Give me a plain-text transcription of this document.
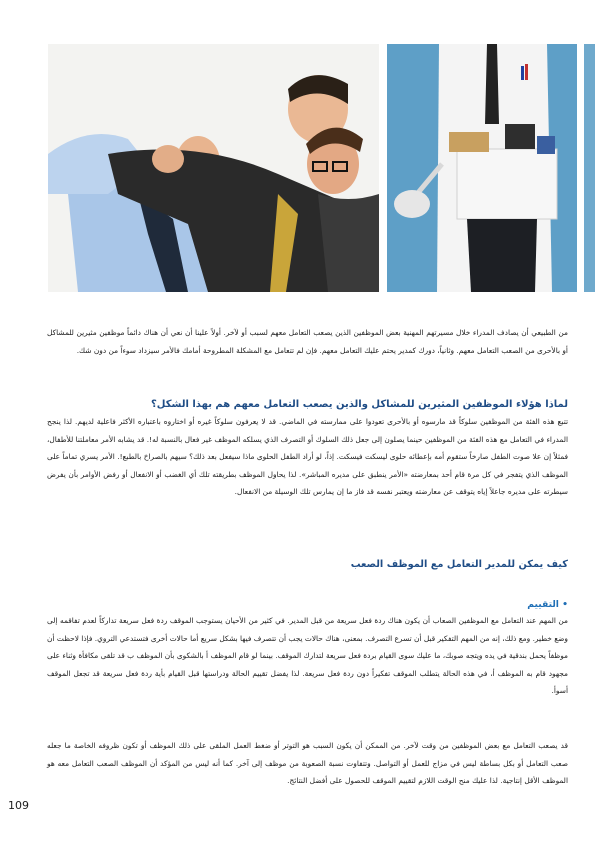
من الطبيعي أن يصادف المدراء خلال مسيرتهم المهنية بعض الموظفين الذين يصعب التعامل معهم لسبب أو لآخر. أولاً علينا أن نعي أن هناك دائماً موظفين مثيرين للمشاكل أو بالأحرى من الصعب التعامل معهم. وثانياً، دورك كمدير يحتم عليك التعامل معهم. فإن لم تتعامل مع المشكلة المطروحة أمامك فالأمر سيزداد سوءاً من دون شك.

لماذا هؤلاء الموظفين المثيرين للمشاكل والذين يصعب التعامل معهم هم بهذا الشكل؟

تتبع هذه الفئة من الموظفين سلوكاً قد مارسوه أو بالأحرى تعودوا على ممارسته في الماضي. قد لا يعرفون سلوكاً غيره أو اختاروه باعتباره الأكثر فاعلية لديهم. لذا ينجح المدراء في التعامل مع هذه الفئة من الموظفين حينما يصلون إلى جعل ذلك السلوك أو التصرف الذي يسلكه الموظف غير فعال بالنسبة له!. قد يشابه الأمر معاملتنا للأطفال، فمثلاً إن علا صوت الطفل صارخاً ستقوم أمه بإعطائه حلوى ليسكت فيسكت. إذاً، لو أراد الطفل الحلوى ماذا سيفعل بعد ذلك؟ سيهم بالصراخ بالطبع!. الأمر يسري تماماً على الموظف الذي يتفجر في كل مرة قام أحد بمعارضته «الأمر ينطبق على مديره المباشر». لذا يحاول الموظف بطريقته تلك أي الغضب أو الانفعال أو رفض الأوامر بأن يفرض سيطرته على مديره جاعلاً إياه يتوقف عن معارضته ويعتبر نفسه قد فاز ما إن يمارس تلك الوسيلة من الانفعال.

كيف يمكن للمدير التعامل مع الموظف الصعب
• التقييم

من المهم عند التعامل مع الموظفين الصعاب أن يكون هناك ردة فعل سريعة من قبل المدير. في كثير من الأحيان يستوجب الموقف ردة فعل سريعة تداركاً لعدم تفاقمه إلى وضع خطير. ومع ذلك، إنه من المهم التفكير قبل أن تسرع التصرف. بمعنى، هناك حالات يجب أن تتصرف فيها بشكل سريع أما حالات أخرى فتستدعي التروي. فإذا لاحظت أن موظفاً يحمل بندقية في يده ويتجه صوبك، ما عليك سوى القيام بردة فعل سريعة لتدارك الموقف. بينما لو قام الموظف أ بالشكوى بأن الموظف ب قد تلقى مكافأة وثناء على مجهود قام به الموظف أ، في هذه الحالة يتطلب الموقف تفكيراً دون ردة فعل سريعة. لذا يفضل تقييم الحالة ودراستها قبل القيام بأية ردة فعل سريعة قد تجعل الموقف أسوأ.

قد يصعب التعامل مع بعض الموظفين من وقت لآخر. من الممكن أن يكون السبب هو التوتر أو ضغط العمل الملقى على ذلك الموظف أو تكون ظروفه الخاصة ما جعله صعب التعامل أو بكل بساطة ليس في مزاج للعمل أو التواصل. وتتفاوت نسبة الصعوبة من موظف إلى آخر. كما أنه ليس من المؤكد أن الموظف الصعب التعامل معه هو الموظف الأقل إنتاجية. لذا عليك منح الوقت اللازم لتقييم الموقف للحصول على أفضل النتائج.

109
